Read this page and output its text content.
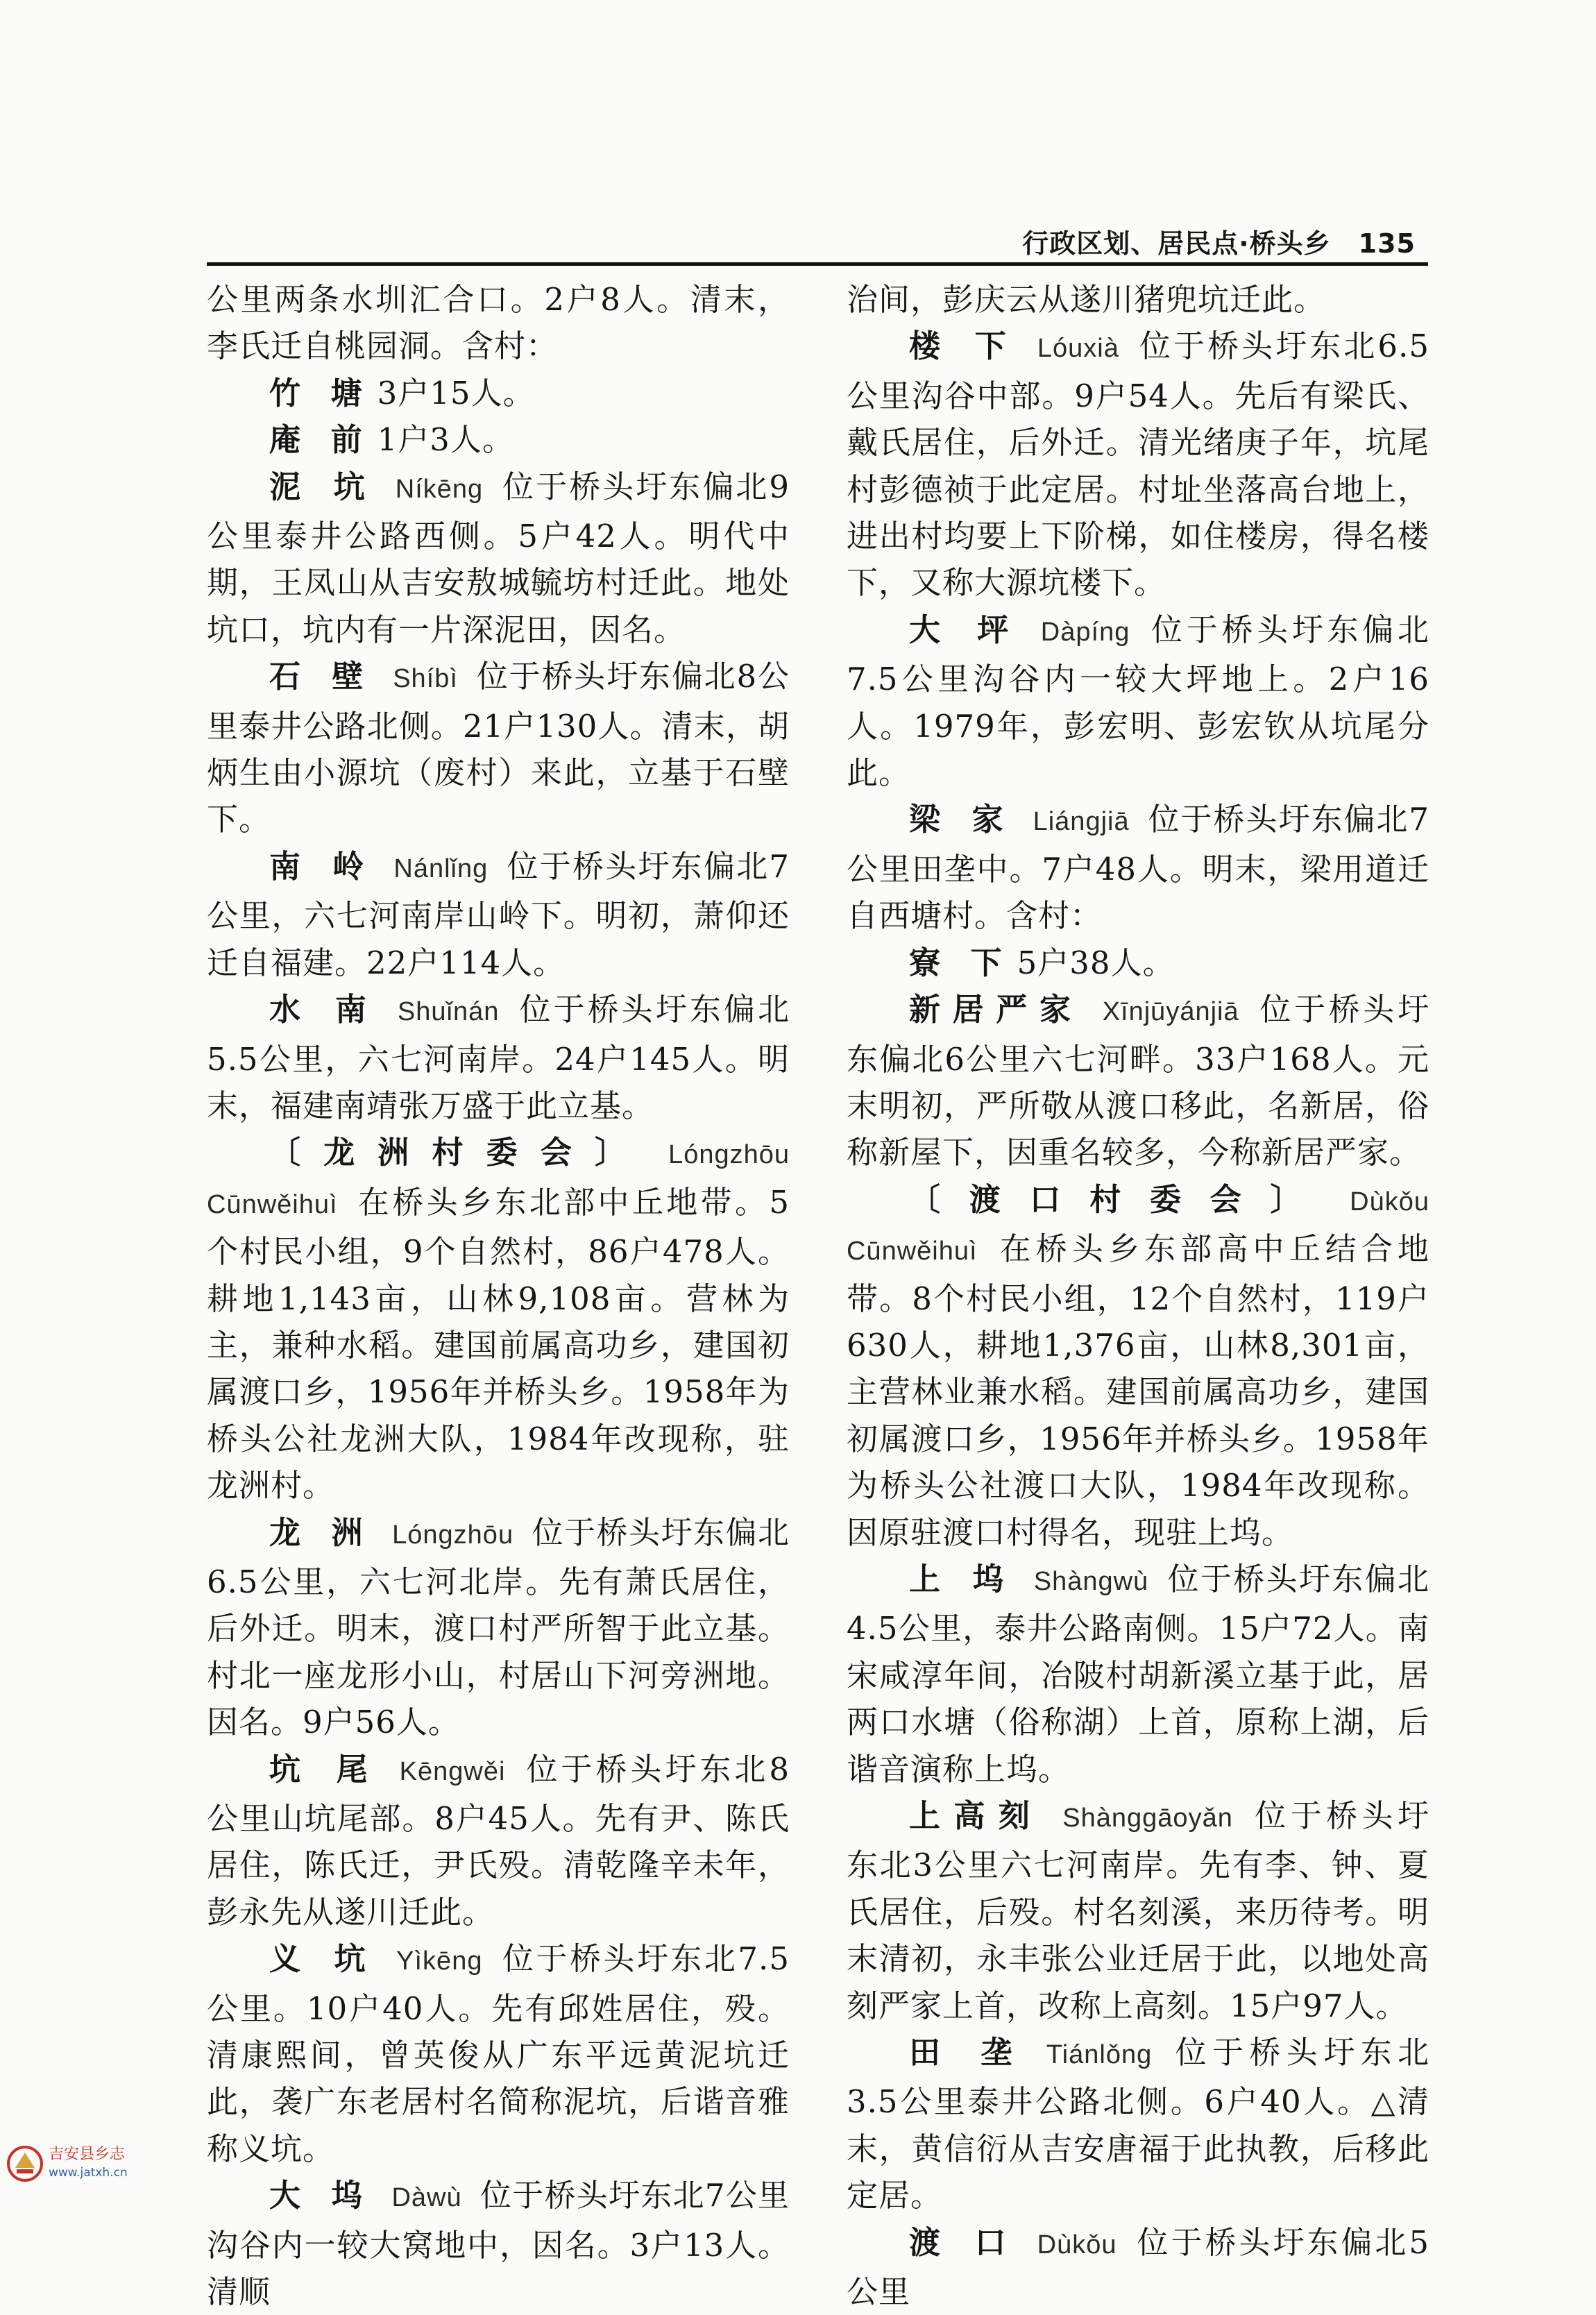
行政区划、居民点·桥头乡 135

公里两条水圳汇合口。2户8人。清末，李氏迁自桃园洞。含村：

竹 塘 3户15人。

庵 前 1户3人。

泥 坑 Níkēng 位于桥头圩东偏北9公里泰井公路西侧。5户42人。明代中期，王凤山从吉安敖城毓坊村迁此。地处坑口，坑内有一片深泥田，因名。

石 壁 Shíbì 位于桥头圩东偏北8公里泰井公路北侧。21户130人。清末，胡炳生由小源坑（废村）来此，立基于石壁下。

南 岭 Nánlǐng 位于桥头圩东偏北7公里，六七河南岸山岭下。明初，萧仰还迁自福建。22户114人。

水 南 Shuǐnán 位于桥头圩东偏北5.5公里，六七河南岸。24户145人。明末，福建南靖张万盛于此立基。

〔龙洲村委会〕 Lóngzhōu Cūnwěihuì 在桥头乡东北部中丘地带。5个村民小组，9个自然村，86户478人。耕地1,143亩，山林9,108亩。营林为主，兼种水稻。建国前属高功乡，建国初属渡口乡，1956年并桥头乡。1958年为桥头公社龙洲大队，1984年改现称，驻龙洲村。

龙 洲 Lóngzhōu 位于桥头圩东偏北6.5公里，六七河北岸。先有萧氏居住，后外迁。明末，渡口村严所智于此立基。村北一座龙形小山，村居山下河旁洲地。因名。9户56人。

坑 尾 Kēngwěi 位于桥头圩东北8公里山坑尾部。8户45人。先有尹、陈氏居住，陈氏迁，尹氏殁。清乾隆辛未年，彭永先从遂川迁此。

义 坑 Yìkēng 位于桥头圩东北7.5公里。10户40人。先有邱姓居住，殁。清康熙间，曾英俊从广东平远黄泥坑迁此，袭广东老居村名简称泥坑，后谐音雅称义坑。

大 坞 Dàwù 位于桥头圩东北7公里沟谷内一较大窝地中，因名。3户13人。清顺

治间，彭庆云从遂川猪兜坑迁此。

楼 下 Lóuxià 位于桥头圩东北6.5公里沟谷中部。9户54人。先后有梁氏、戴氏居住，后外迁。清光绪庚子年，坑尾村彭德祯于此定居。村址坐落高台地上，进出村均要上下阶梯，如住楼房，得名楼下，又称大源坑楼下。

大 坪 Dàpíng 位于桥头圩东偏北7.5公里沟谷内一较大坪地上。2户16人。1979年，彭宏明、彭宏钦从坑尾分此。

梁 家 Liángjiā 位于桥头圩东偏北7公里田垄中。7户48人。明末，梁用道迁自西塘村。含村：

寮 下 5户38人。

新居严家 Xīnjūyánjiā 位于桥头圩东偏北6公里六七河畔。33户168人。元末明初，严所敬从渡口移此，名新居，俗称新屋下，因重名较多，今称新居严家。

〔渡口村委会〕 Dùkǒu Cūnwěihuì 在桥头乡东部高中丘结合地带。8个村民小组，12个自然村，119户630人，耕地1,376亩，山林8,301亩，主营林业兼水稻。建国前属高功乡，建国初属渡口乡，1956年并桥头乡。1958年为桥头公社渡口大队，1984年改现称。因原驻渡口村得名，现驻上坞。

上 坞 Shàngwù 位于桥头圩东偏北4.5公里，泰井公路南侧。15户72人。南宋咸淳年间，冶陂村胡新溪立基于此，居两口水塘（俗称湖）上首，原称上湖，后谐音演称上坞。

上高刻 Shànggāoyǎn 位于桥头圩东北3公里六七河南岸。先有李、钟、夏氏居住，后殁。村名刻溪，来历待考。明末清初，永丰张公业迁居于此，以地处高刻严家上首，改称上高刻。15户97人。

田 垄 Tiánlǒng 位于桥头圩东北3.5公里泰井公路北侧。6户40人。△清末，黄信衍从吉安唐福于此执教，后移此定居。

渡 口 Dùkǒu 位于桥头圩东偏北5公里

吉安县乡志
www.jatxh.cn
